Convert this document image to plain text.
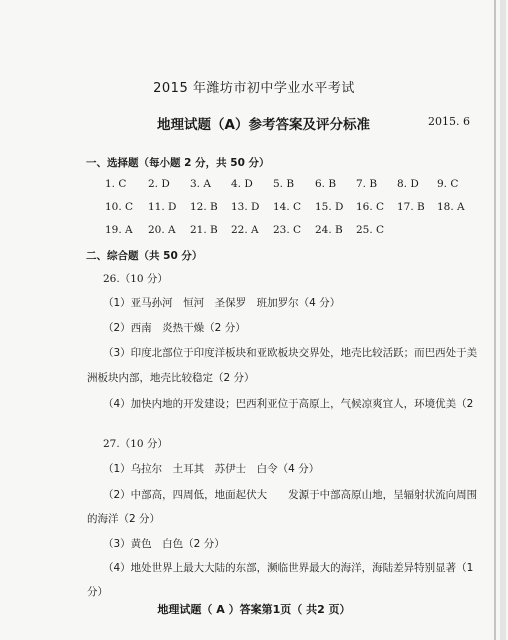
2015 年潍坊市初中学业水平考试
地理试题（A）参考答案及评分标准	2015. 6
一、选择题（每小题 2 分，共 50 分）
1. C 2. D 3. A 4. D 5. B 6. B 7. B 8. D 9. C
10. C 11. D 12. B 13. D 14. C 15. D 16. C 17. B 18. A
19. A 20. A 21. B 22. A 23. C 24. B 25. C
二、综合题（共 50 分）
26.（10 分）
（1）亚马孙河　恒河　圣保罗　班加罗尔（4 分）
（2）西南　炎热干燥（2 分）
（3）印度北部位于印度洋板块和亚欧板块交界处，地壳比较活跃；而巴西处于美
洲板块内部，地壳比较稳定（2 分）
（4）加快内地的开发建设；巴西利亚位于高原上，气候凉爽宜人，环境优美（2
27.（10 分）
（1）乌拉尔　土耳其　苏伊士　白令（4 分）
（2）中部高，四周低，地面起伏大　　发源于中部高原山地，呈辐射状流向周围
的海洋（2 分）
（3）黄色　白色（2 分）
（4）地处世界上最大大陆的东部，濒临世界最大的海洋，海陆差异特别显著（1
分）
地理试题（ A ）答案第1页（ 共2 页）
